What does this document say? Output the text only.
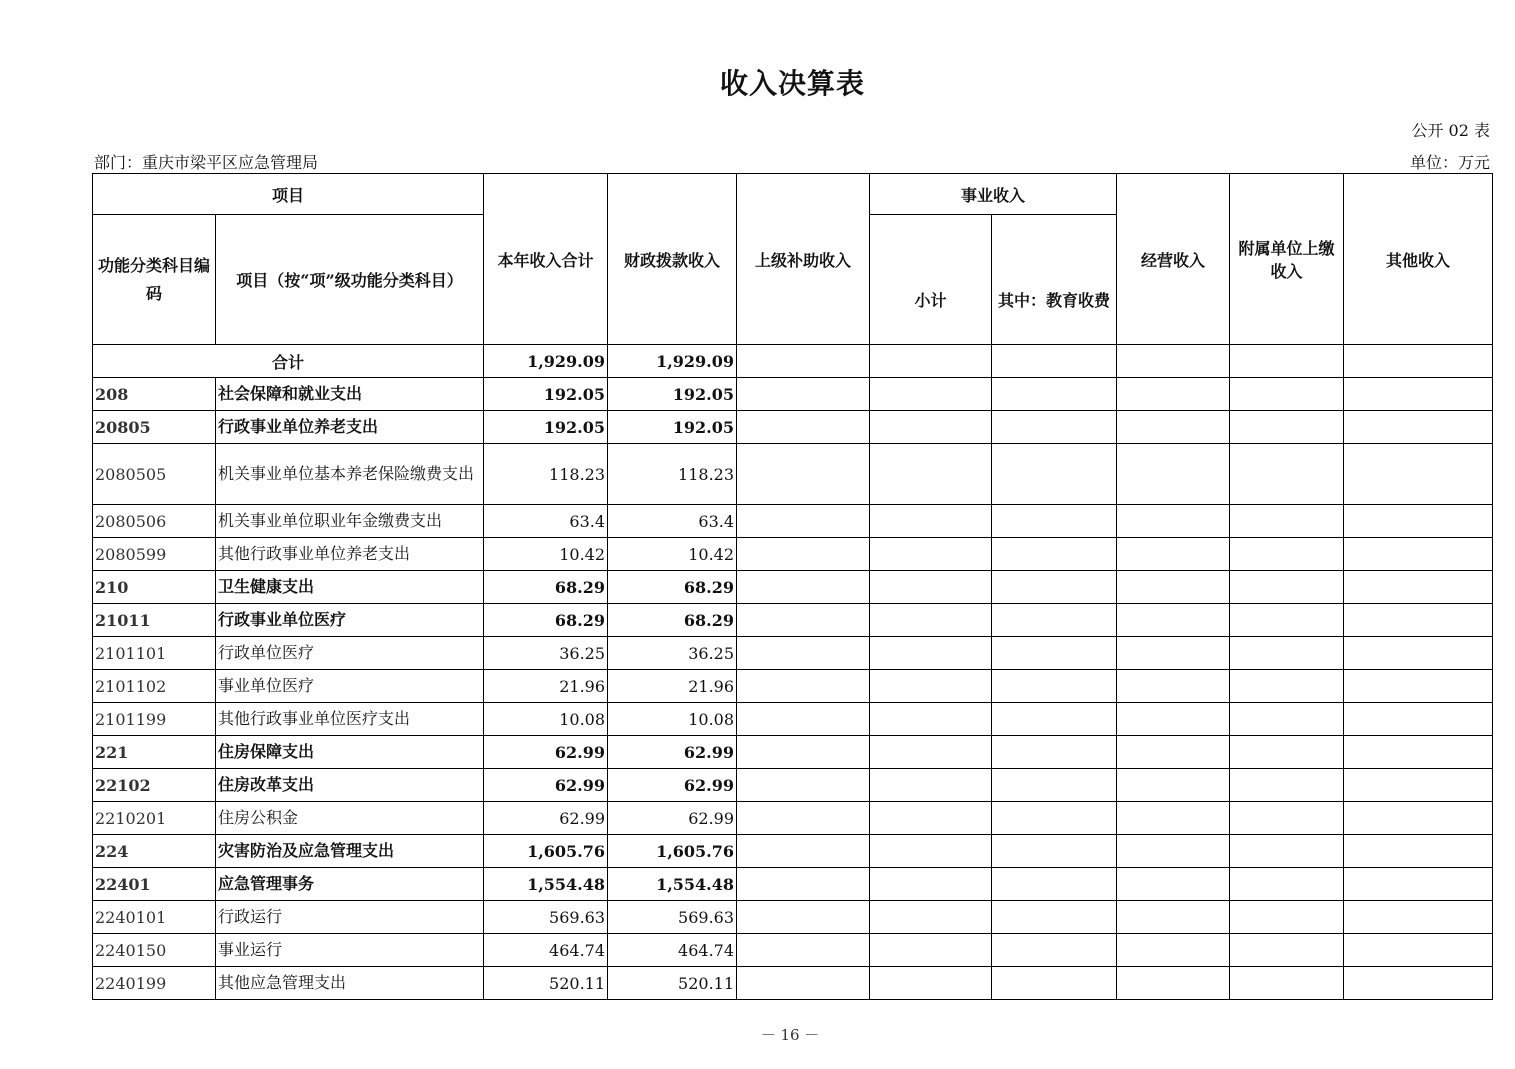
收入决算表
公开 02 表
部门：重庆市梁平区应急管理局	单位：万元
项目		本年收入合计	财政拨款收入	上级补助收入	事业收入		经营收入	附属单位上缴收入	其他收入
功能分类科目编码	项目（按“项”级功能分类科目）				小计	其中：教育收费			
合计		1,929.09	1,929.09						
208	社会保障和就业支出	192.05	192.05						
20805	行政事业单位养老支出	192.05	192.05						
2080505	机关事业单位基本养老保险缴费支出	118.23	118.23						
2080506	机关事业单位职业年金缴费支出	63.4	63.4						
2080599	其他行政事业单位养老支出	10.42	10.42						
210	卫生健康支出	68.29	68.29						
21011	行政事业单位医疗	68.29	68.29						
2101101	行政单位医疗	36.25	36.25						
2101102	事业单位医疗	21.96	21.96						
2101199	其他行政事业单位医疗支出	10.08	10.08						
221	住房保障支出	62.99	62.99						
22102	住房改革支出	62.99	62.99						
2210201	住房公积金	62.99	62.99						
224	灾害防治及应急管理支出	1,605.76	1,605.76						
22401	应急管理事务	1,554.48	1,554.48						
2240101	行政运行	569.63	569.63						
2240150	事业运行	464.74	464.74						
2240199	其他应急管理支出	520.11	520.11						
－ 16 －
